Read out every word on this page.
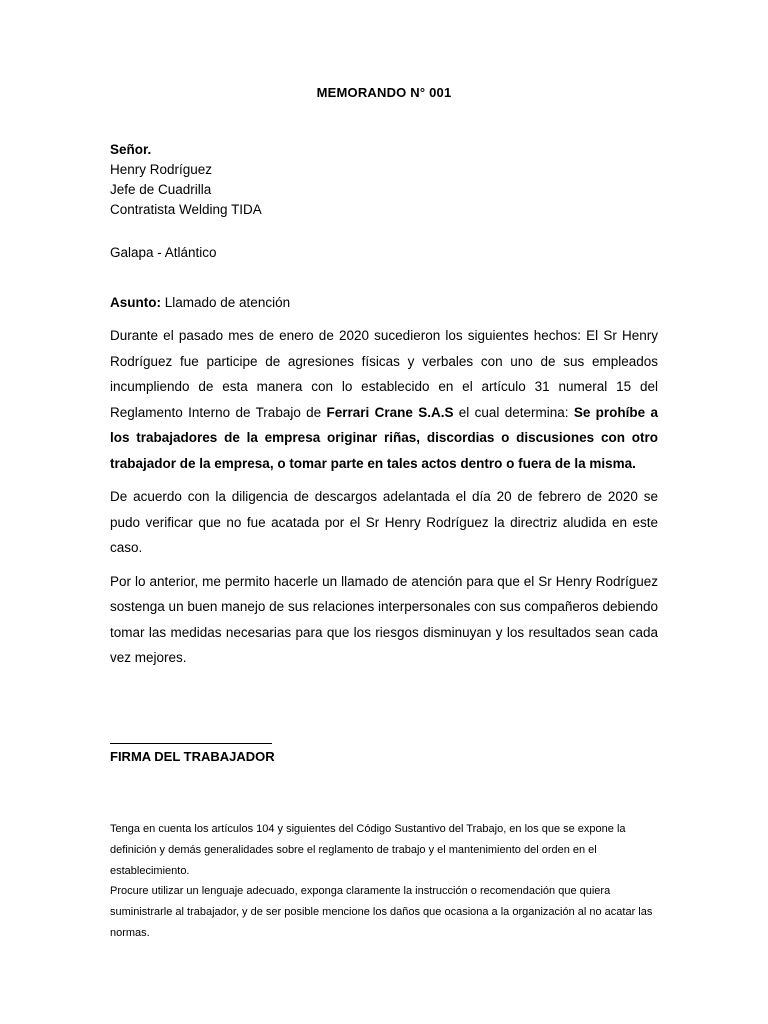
MEMORANDO N° 001
Señor.
Henry Rodríguez
Jefe de Cuadrilla
Contratista Welding TIDA
Galapa - Atlántico
Asunto: Llamado de atención

Durante el pasado mes de enero de 2020 sucedieron los siguientes hechos: El Sr Henry Rodríguez fue participe de agresiones físicas y verbales con uno de sus empleados incumpliendo de esta manera con lo establecido en el artículo 31 numeral 15 del Reglamento Interno de Trabajo de Ferrari Crane S.A.S el cual determina: Se prohíbe a los trabajadores de la empresa originar riñas, discordias o discusiones con otro trabajador de la empresa, o tomar parte en tales actos dentro o fuera de la misma.

De acuerdo con la diligencia de descargos adelantada el día 20 de febrero de 2020 se pudo verificar que no fue acatada por el Sr Henry Rodríguez la directriz aludida en este caso.

Por lo anterior, me permito hacerle un llamado de atención para que el Sr Henry Rodríguez sostenga un buen manejo de sus relaciones interpersonales con sus compañeros debiendo tomar las medidas necesarias para que los riesgos disminuyan y los resultados sean cada vez mejores.

FIRMA DEL TRABAJADOR

Tenga en cuenta los artículos 104 y siguientes del Código Sustantivo del Trabajo, en los que se expone la definición y demás generalidades sobre el reglamento de trabajo y el mantenimiento del orden en el establecimiento.

Procure utilizar un lenguaje adecuado, exponga claramente la instrucción o recomendación que quiera suministrarle al trabajador, y de ser posible mencione los daños que ocasiona a la organización al no acatar las normas.
